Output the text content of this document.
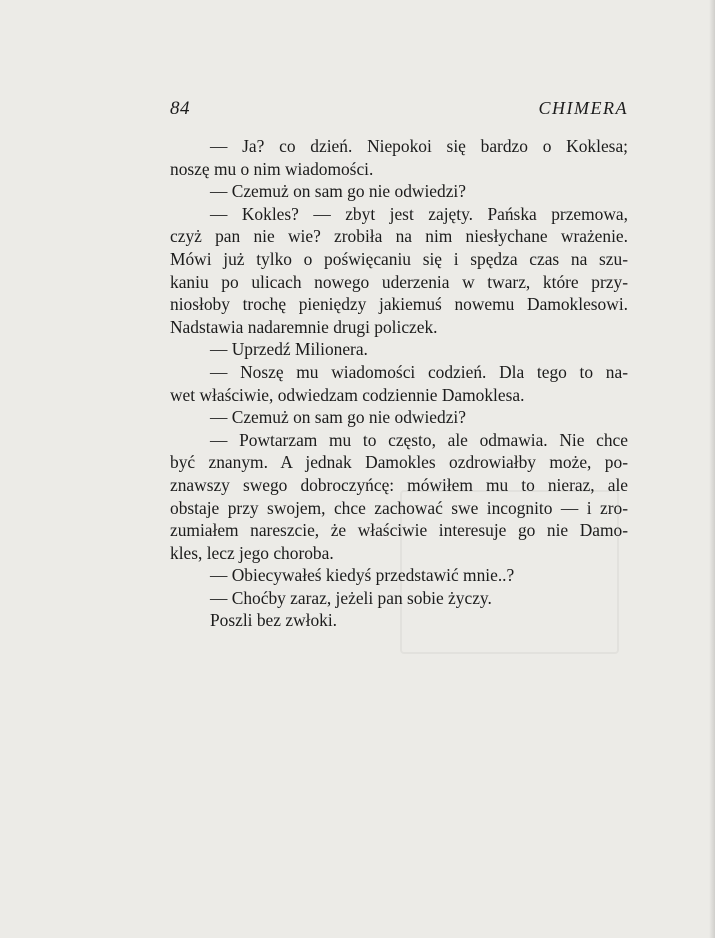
84	CHIMERA
— Ja? co dzień. Niepokoi się bardzo o Koklesa;
noszę mu o nim wiadomości.
— Czemuż on sam go nie odwiedzi?
— Kokles? — zbyt jest zajęty. Pańska przemowa,
czyż pan nie wie? zrobiła na nim niesłychane wrażenie.
Mówi już tylko o poświęcaniu się i spędza czas na szu-
kaniu po ulicach nowego uderzenia w twarz, które przy-
niosłoby trochę pieniędzy jakiemuś nowemu Damoklesowi.
Nadstawia nadaremnie drugi policzek.
— Uprzedź Milionera.
— Noszę mu wiadomości codzień. Dla tego to na-
wet właściwie, odwiedzam codziennie Damoklesa.
— Czemuż on sam go nie odwiedzi?
— Powtarzam mu to często, ale odmawia. Nie chce
być znanym. A jednak Damokles ozdrowiałby może, po-
znawszy swego dobroczyńcę: mówiłem mu to nieraz, ale
obstaje przy swojem, chce zachować swe incognito — i zro-
zumiałem nareszcie, że właściwie interesuje go nie Damo-
kles, lecz jego choroba.
— Obiecywałeś kiedyś przedstawić mnie..?
— Choćby zaraz, jeżeli pan sobie życzy.
Poszli bez zwłoki.
